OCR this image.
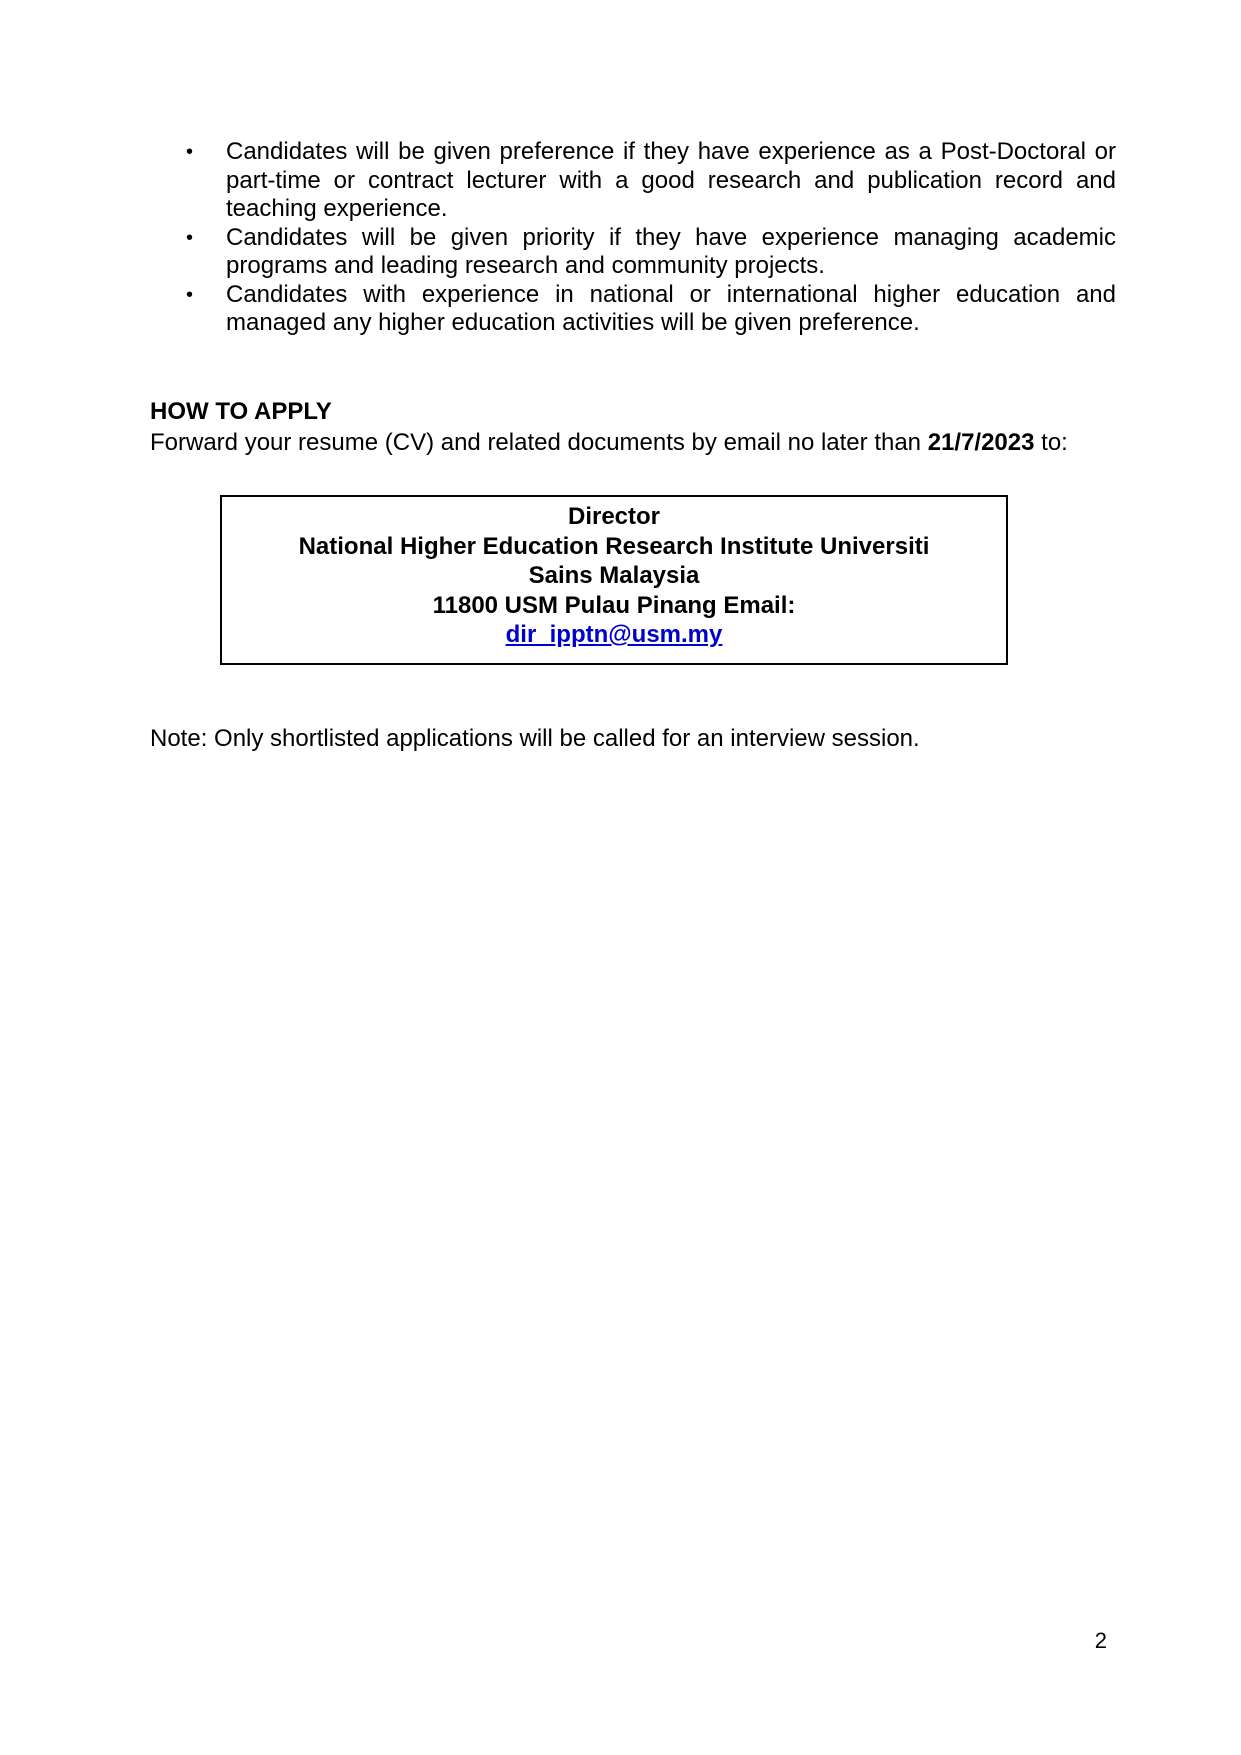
•
Candidates will be given preference if they have experience as a Post-Doctoral or part-time or contract lecturer with a good research and publication record and teaching experience.
•
Candidates will be given priority if they have experience managing academic programs and leading research and community projects.
•
Candidates with experience in national or international higher education and managed any higher education activities will be given preference.
HOW TO APPLY

Forward your resume (CV) and related documents by email no later than 21/7/2023 to:

Director
National Higher Education Research Institute Universiti
Sains Malaysia
11800 USM Pulau Pinang Email:
dir_ipptn@usm.my

Note: Only shortlisted applications will be called for an interview session.

2
